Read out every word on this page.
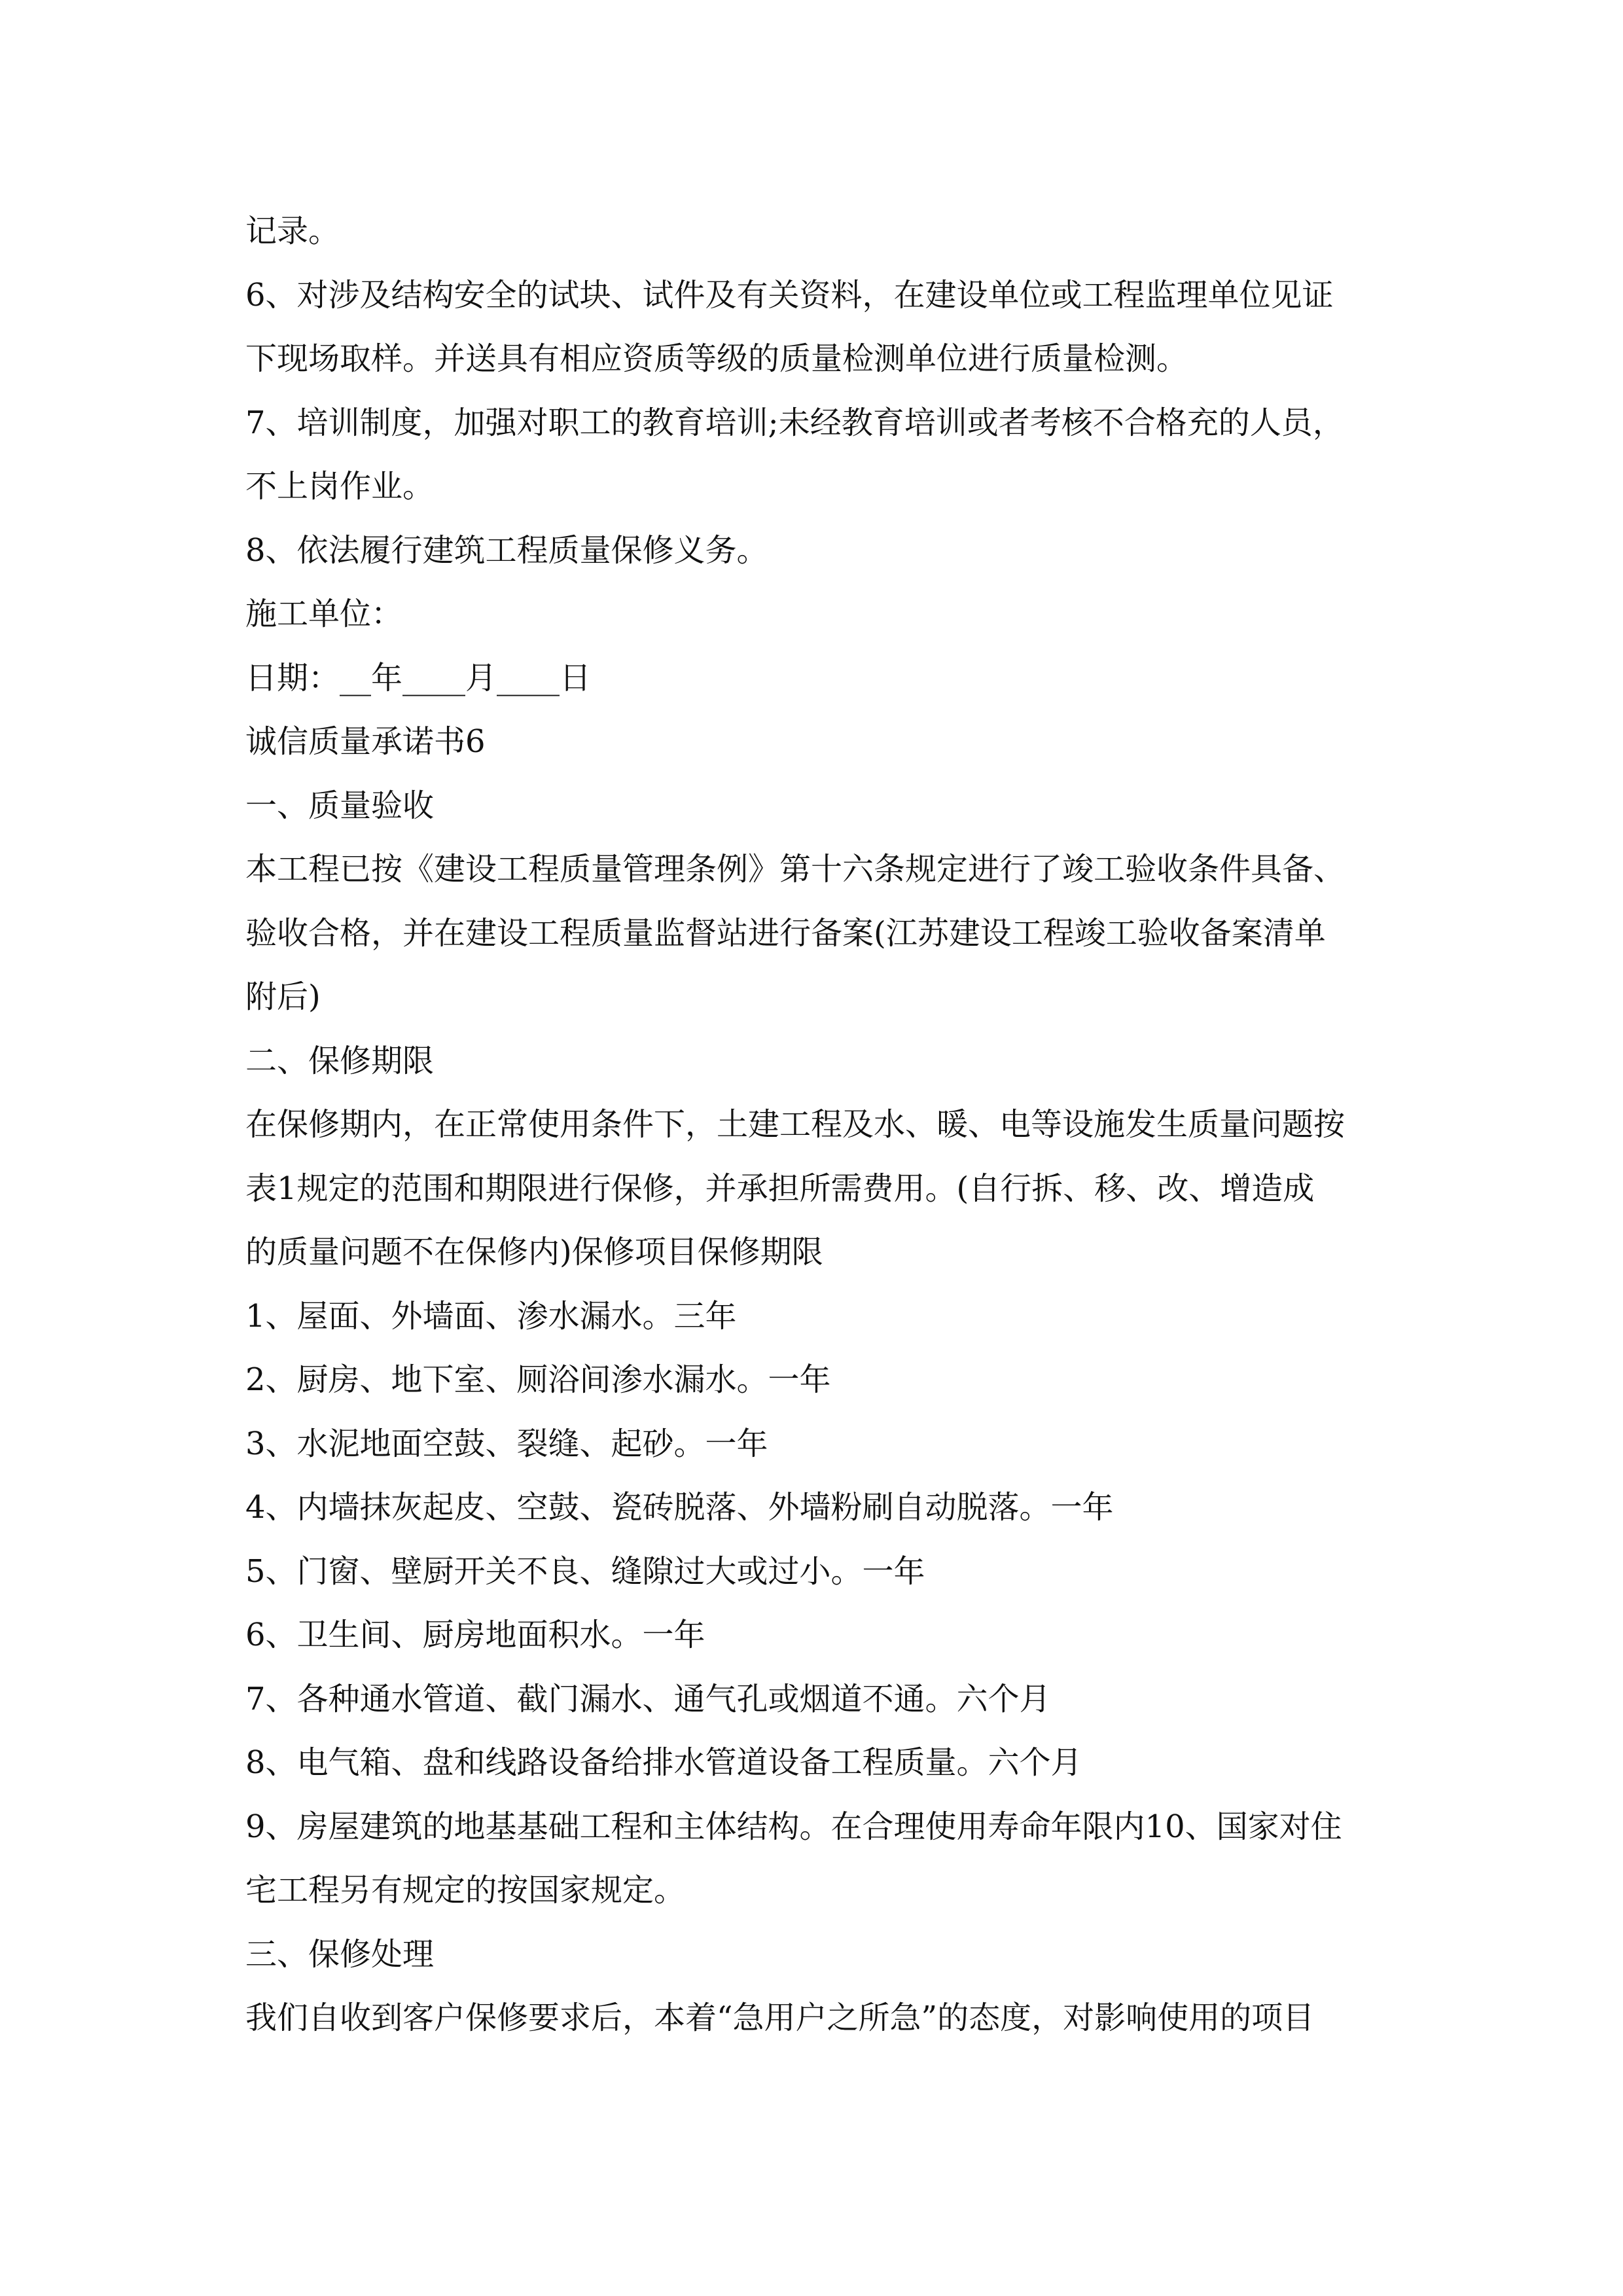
记录。
6、对涉及结构安全的试块、试件及有关资料，在建设单位或工程监理单位见证
下现场取样。并送具有相应资质等级的质量检测单位进行质量检测。
7、培训制度，加强对职工的教育培训;未经教育培训或者考核不合格充的人员，
不上岗作业。
8、依法履行建筑工程质量保修义务。
施工单位：
日期：__年____月____日
诚信质量承诺书6
一、质量验收
本工程已按《建设工程质量管理条例》第十六条规定进行了竣工验收条件具备、
验收合格，并在建设工程质量监督站进行备案(江苏建设工程竣工验收备案清单
附后)
二、保修期限
在保修期内，在正常使用条件下，土建工程及水、暖、电等设施发生质量问题按
表1规定的范围和期限进行保修，并承担所需费用。(自行拆、移、改、增造成
的质量问题不在保修内)保修项目保修期限
1、屋面、外墙面、渗水漏水。三年
2、厨房、地下室、厕浴间渗水漏水。一年
3、水泥地面空鼓、裂缝、起砂。一年
4、内墙抹灰起皮、空鼓、瓷砖脱落、外墙粉刷自动脱落。一年
5、门窗、壁厨开关不良、缝隙过大或过小。一年
6、卫生间、厨房地面积水。一年
7、各种通水管道、截门漏水、通气孔或烟道不通。六个月
8、电气箱、盘和线路设备给排水管道设备工程质量。六个月
9、房屋建筑的地基基础工程和主体结构。在合理使用寿命年限内10、国家对住
宅工程另有规定的按国家规定。
三、保修处理
我们自收到客户保修要求后，本着“急用户之所急”的态度，对影响使用的项目
